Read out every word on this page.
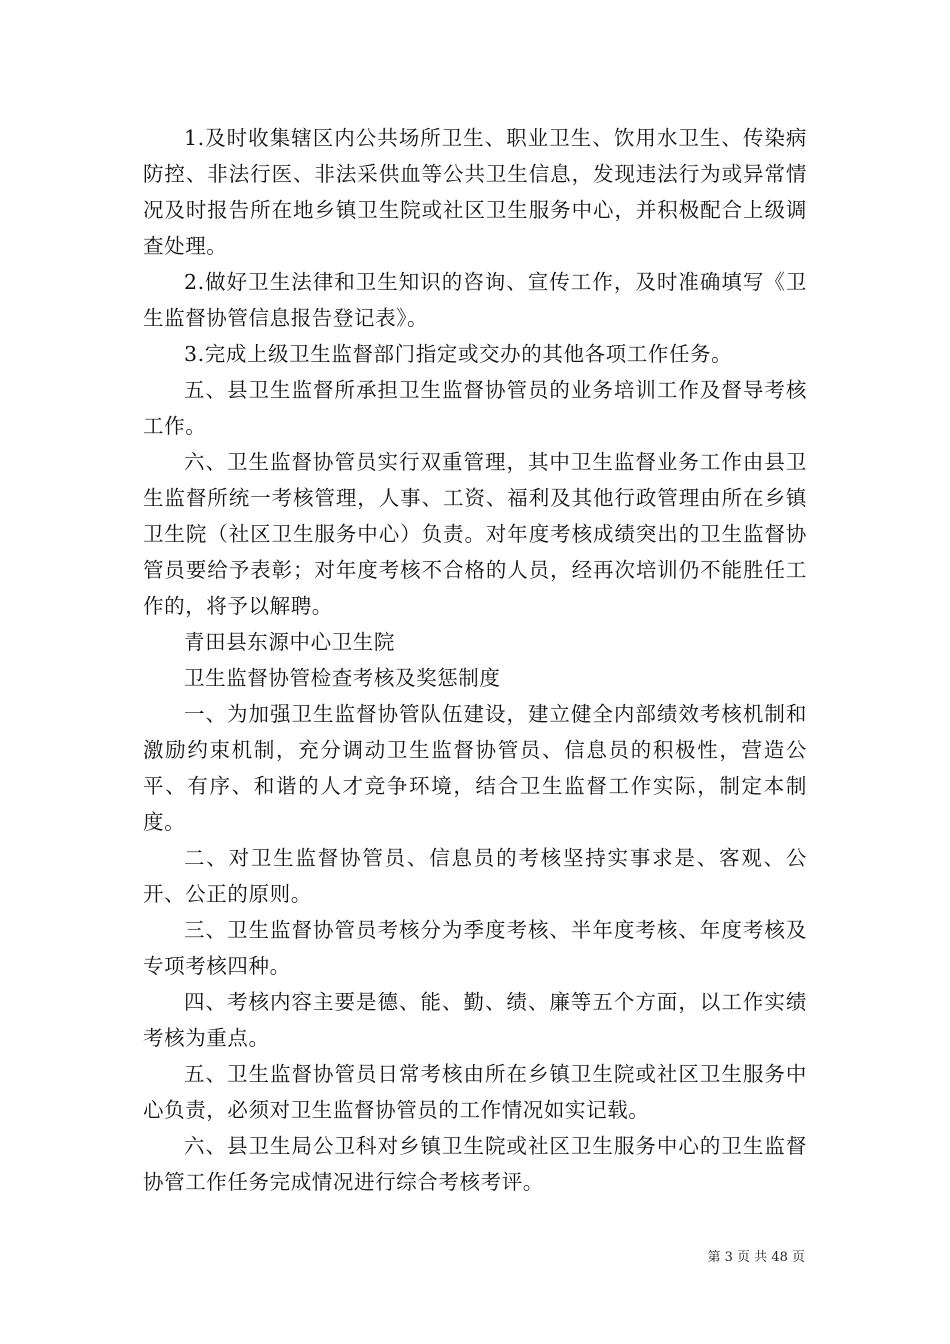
1.及时收集辖区内公共场所卫生、职业卫生、饮用水卫生、传染病防控、非法行医、非法采供血等公共卫生信息，发现违法行为或异常情况及时报告所在地乡镇卫生院或社区卫生服务中心，并积极配合上级调查处理。

2.做好卫生法律和卫生知识的咨询、宣传工作，及时准确填写《卫生监督协管信息报告登记表》。

3.完成上级卫生监督部门指定或交办的其他各项工作任务。

五、县卫生监督所承担卫生监督协管员的业务培训工作及督导考核工作。

六、卫生监督协管员实行双重管理，其中卫生监督业务工作由县卫生监督所统一考核管理，人事、工资、福利及其他行政管理由所在乡镇卫生院（社区卫生服务中心）负责。对年度考核成绩突出的卫生监督协管员要给予表彰；对年度考核不合格的人员，经再次培训仍不能胜任工作的，将予以解聘。

青田县东源中心卫生院

卫生监督协管检查考核及奖惩制度

一、为加强卫生监督协管队伍建设，建立健全内部绩效考核机制和激励约束机制，充分调动卫生监督协管员、信息员的积极性，营造公平、有序、和谐的人才竞争环境，结合卫生监督工作实际，制定本制度。

二、对卫生监督协管员、信息员的考核坚持实事求是、客观、公开、公正的原则。

三、卫生监督协管员考核分为季度考核、半年度考核、年度考核及专项考核四种。

四、考核内容主要是德、能、勤、绩、廉等五个方面，以工作实绩考核为重点。

五、卫生监督协管员日常考核由所在乡镇卫生院或社区卫生服务中心负责，必须对卫生监督协管员的工作情况如实记载。

六、县卫生局公卫科对乡镇卫生院或社区卫生服务中心的卫生监督协管工作任务完成情况进行综合考核考评。

第 3 页 共 48 页
